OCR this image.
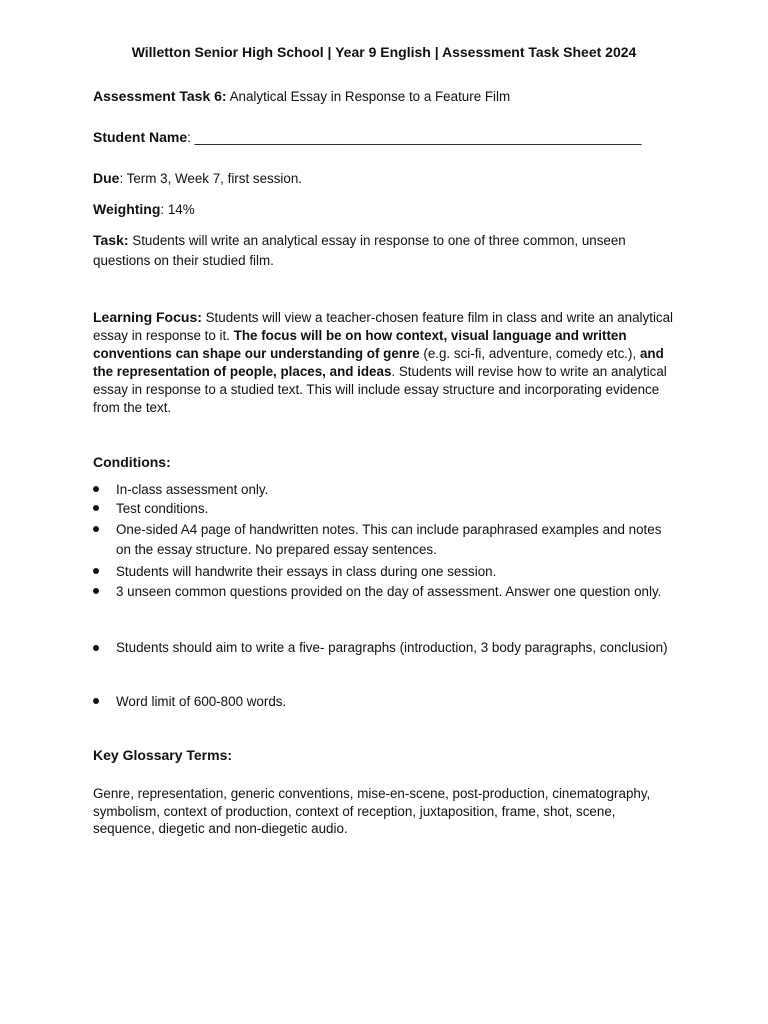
Willetton Senior High School | Year 9 English | Assessment Task Sheet 2024
Assessment Task 6: Analytical Essay in Response to a Feature Film
Student Name: ____________________________________________________________
Due: Term 3, Week 7, first session.
Weighting: 14%
Task: Students will write an analytical essay in response to one of three common, unseen questions on their studied film.
Learning Focus: Students will view a teacher-chosen feature film in class and write an analytical essay in response to it. The focus will be on how context, visual language and written conventions can shape our understanding of genre (e.g. sci-fi, adventure, comedy etc.), and the representation of people, places, and ideas. Students will revise how to write an analytical essay in response to a studied text. This will include essay structure and incorporating evidence from the text.
Conditions:
In-class assessment only.
Test conditions.
One-sided A4 page of handwritten notes. This can include paraphrased examples and notes on the essay structure. No prepared essay sentences.
Students will handwrite their essays in class during one session.
3 unseen common questions provided on the day of assessment. Answer one question only.
Students should aim to write a five- paragraphs (introduction, 3 body paragraphs, conclusion)
Word limit of 600-800 words.
Key Glossary Terms:
Genre, representation, generic conventions, mise-en-scene, post-production, cinematography, symbolism, context of production, context of reception, juxtaposition, frame, shot, scene, sequence, diegetic and non-diegetic audio.
